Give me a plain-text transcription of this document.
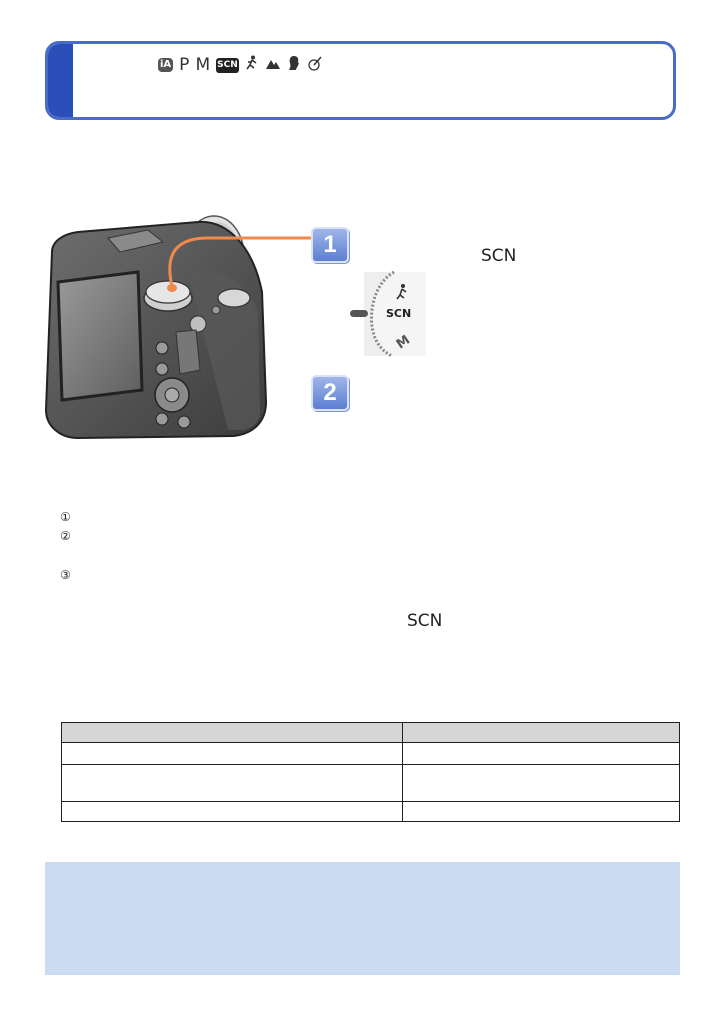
iA P M SCN
1	SCN
SCN
M
2
①
②
③
SCN
